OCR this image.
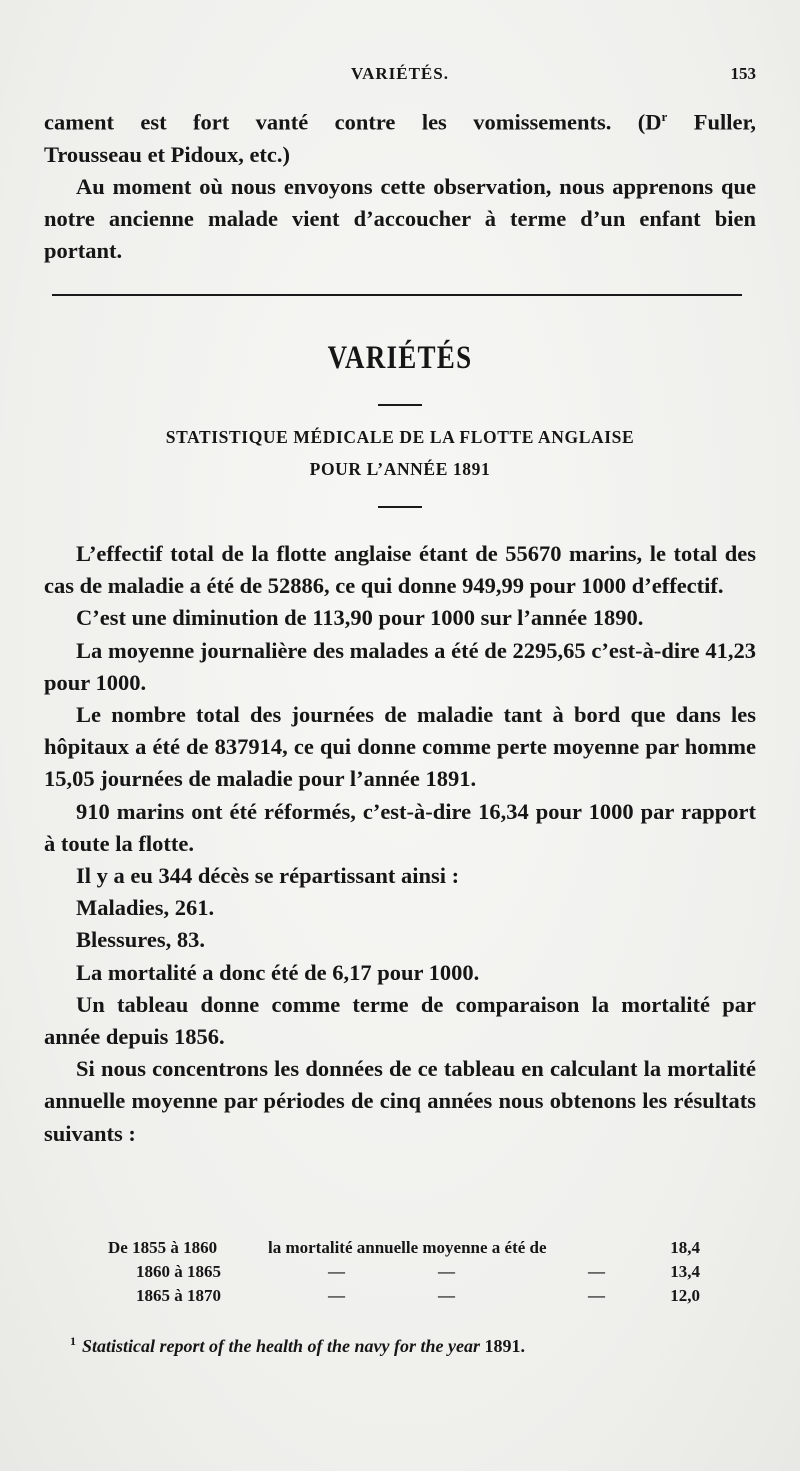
VARIÉTÉS.	153

cament est fort vanté contre les vomissements. ($D^r$ Fuller,

Trousseau et Pidoux, etc.)

Au moment où nous envoyons cette observation, nous apprenons que notre ancienne malade vient d’accoucher à terme d’un enfant bien portant.

VARIÉTÉS
STATISTIQUE MÉDICALE DE LA FLOTTE ANGLAISE
POUR L’ANNÉE 1891

L’effectif total de la flotte anglaise étant de 55670 marins, le total des cas de maladie a été de 52886, ce qui donne 949,99 pour 1000 d’effectif.

C’est une diminution de 113,90 pour 1000 sur l’année 1890.

La moyenne journalière des malades a été de 2295,65 c’est-à-dire 41,23 pour 1000.

Le nombre total des journées de maladie tant à bord que dans les hôpitaux a été de 837914, ce qui donne comme perte moyenne par homme 15,05 journées de maladie pour l’année 1891.

910 marins ont été réformés, c’est-à-dire 16,34 pour 1000 par rapport à toute la flotte.

Il y a eu 344 décès se répartissant ainsi :

Maladies, 261.

Blessures, 83.

La mortalité a donc été de 6,17 pour 1000.

Un tableau donne comme terme de comparaison la mortalité par année depuis 1856.

Si nous concentrons les données de ce tableau en calculant la mortalité annuelle moyenne par périodes de cinq années nous obtenons les résultats suivants :

De 1855 à 1860	la mortalité annuelle moyenne a été de	18,4
1860 à 1865	—	—	—	13,4
1865 à 1870	—	—	—	12,0
$^1$ Statistical report of the health of the navy for the year 1891.
